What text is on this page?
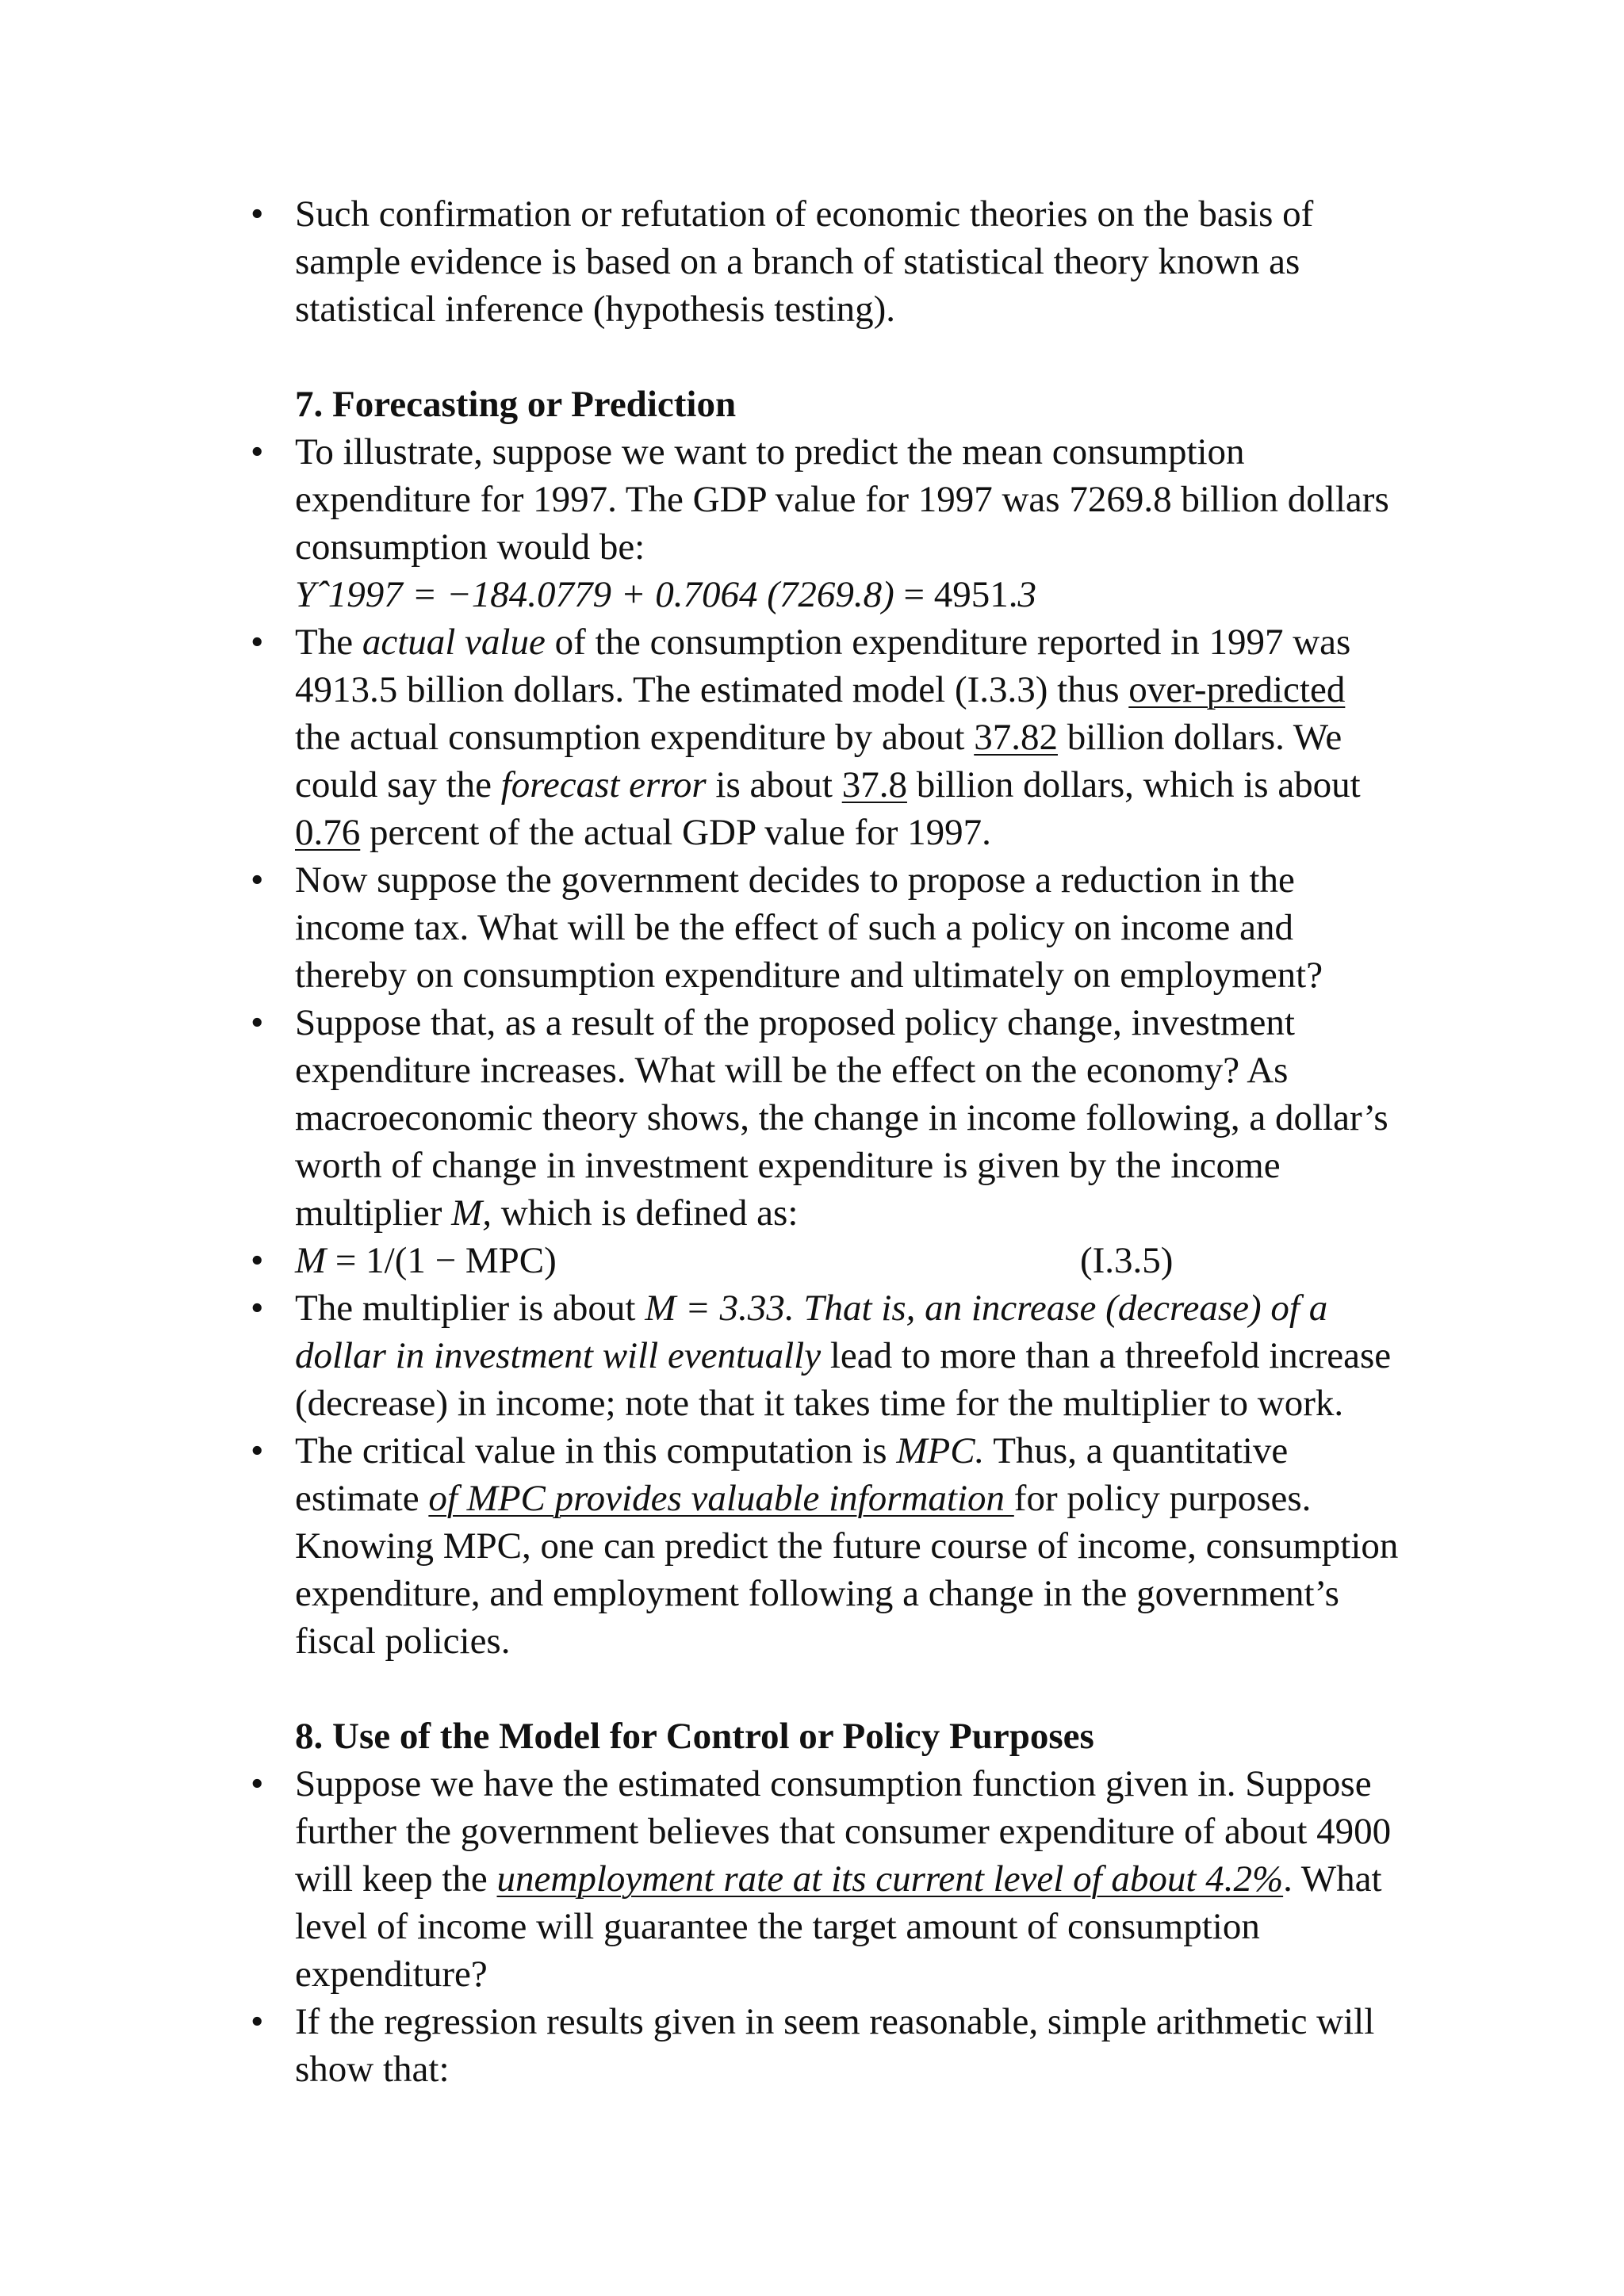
• Such confirmation or refutation of economic theories on the basis of
sample evidence is based on a branch of statistical theory known as
statistical inference (hypothesis testing).
7. Forecasting or Prediction
• To illustrate, suppose we want to predict the mean consumption
expenditure for 1997. The GDP value for 1997 was 7269.8 billion dollars
consumption would be:
Yˆ1997 = −184.0779 + 0.7064 (7269.8) = 4951.3
• The actual value of the consumption expenditure reported in 1997 was
4913.5 billion dollars. The estimated model (I.3.3) thus over-predicted
the actual consumption expenditure by about 37.82 billion dollars. We
could say the forecast error is about 37.8 billion dollars, which is about
0.76 percent of the actual GDP value for 1997.
• Now suppose the government decides to propose a reduction in the
income tax. What will be the effect of such a policy on income and
thereby on consumption expenditure and ultimately on employment?
• Suppose that, as a result of the proposed policy change, investment
expenditure increases. What will be the effect on the economy? As
macroeconomic theory shows, the change in income following, a dollar’s
worth of change in investment expenditure is given by the income
multiplier M, which is defined as:
• M = 1/(1 − MPC)	(I.3.5)
• The multiplier is about M = 3.33. That is, an increase (decrease) of a
dollar in investment will eventually lead to more than a threefold increase
(decrease) in income; note that it takes time for the multiplier to work.
• The critical value in this computation is MPC. Thus, a quantitative
estimate of MPC provides valuable information for policy purposes.
Knowing MPC, one can predict the future course of income, consumption
expenditure, and employment following a change in the government’s
fiscal policies.
8. Use of the Model for Control or Policy Purposes
• Suppose we have the estimated consumption function given in. Suppose
further the government believes that consumer expenditure of about 4900
will keep the unemployment rate at its current level of about 4.2%. What
level of income will guarantee the target amount of consumption
expenditure?
• If the regression results given in seem reasonable, simple arithmetic will
show that:
